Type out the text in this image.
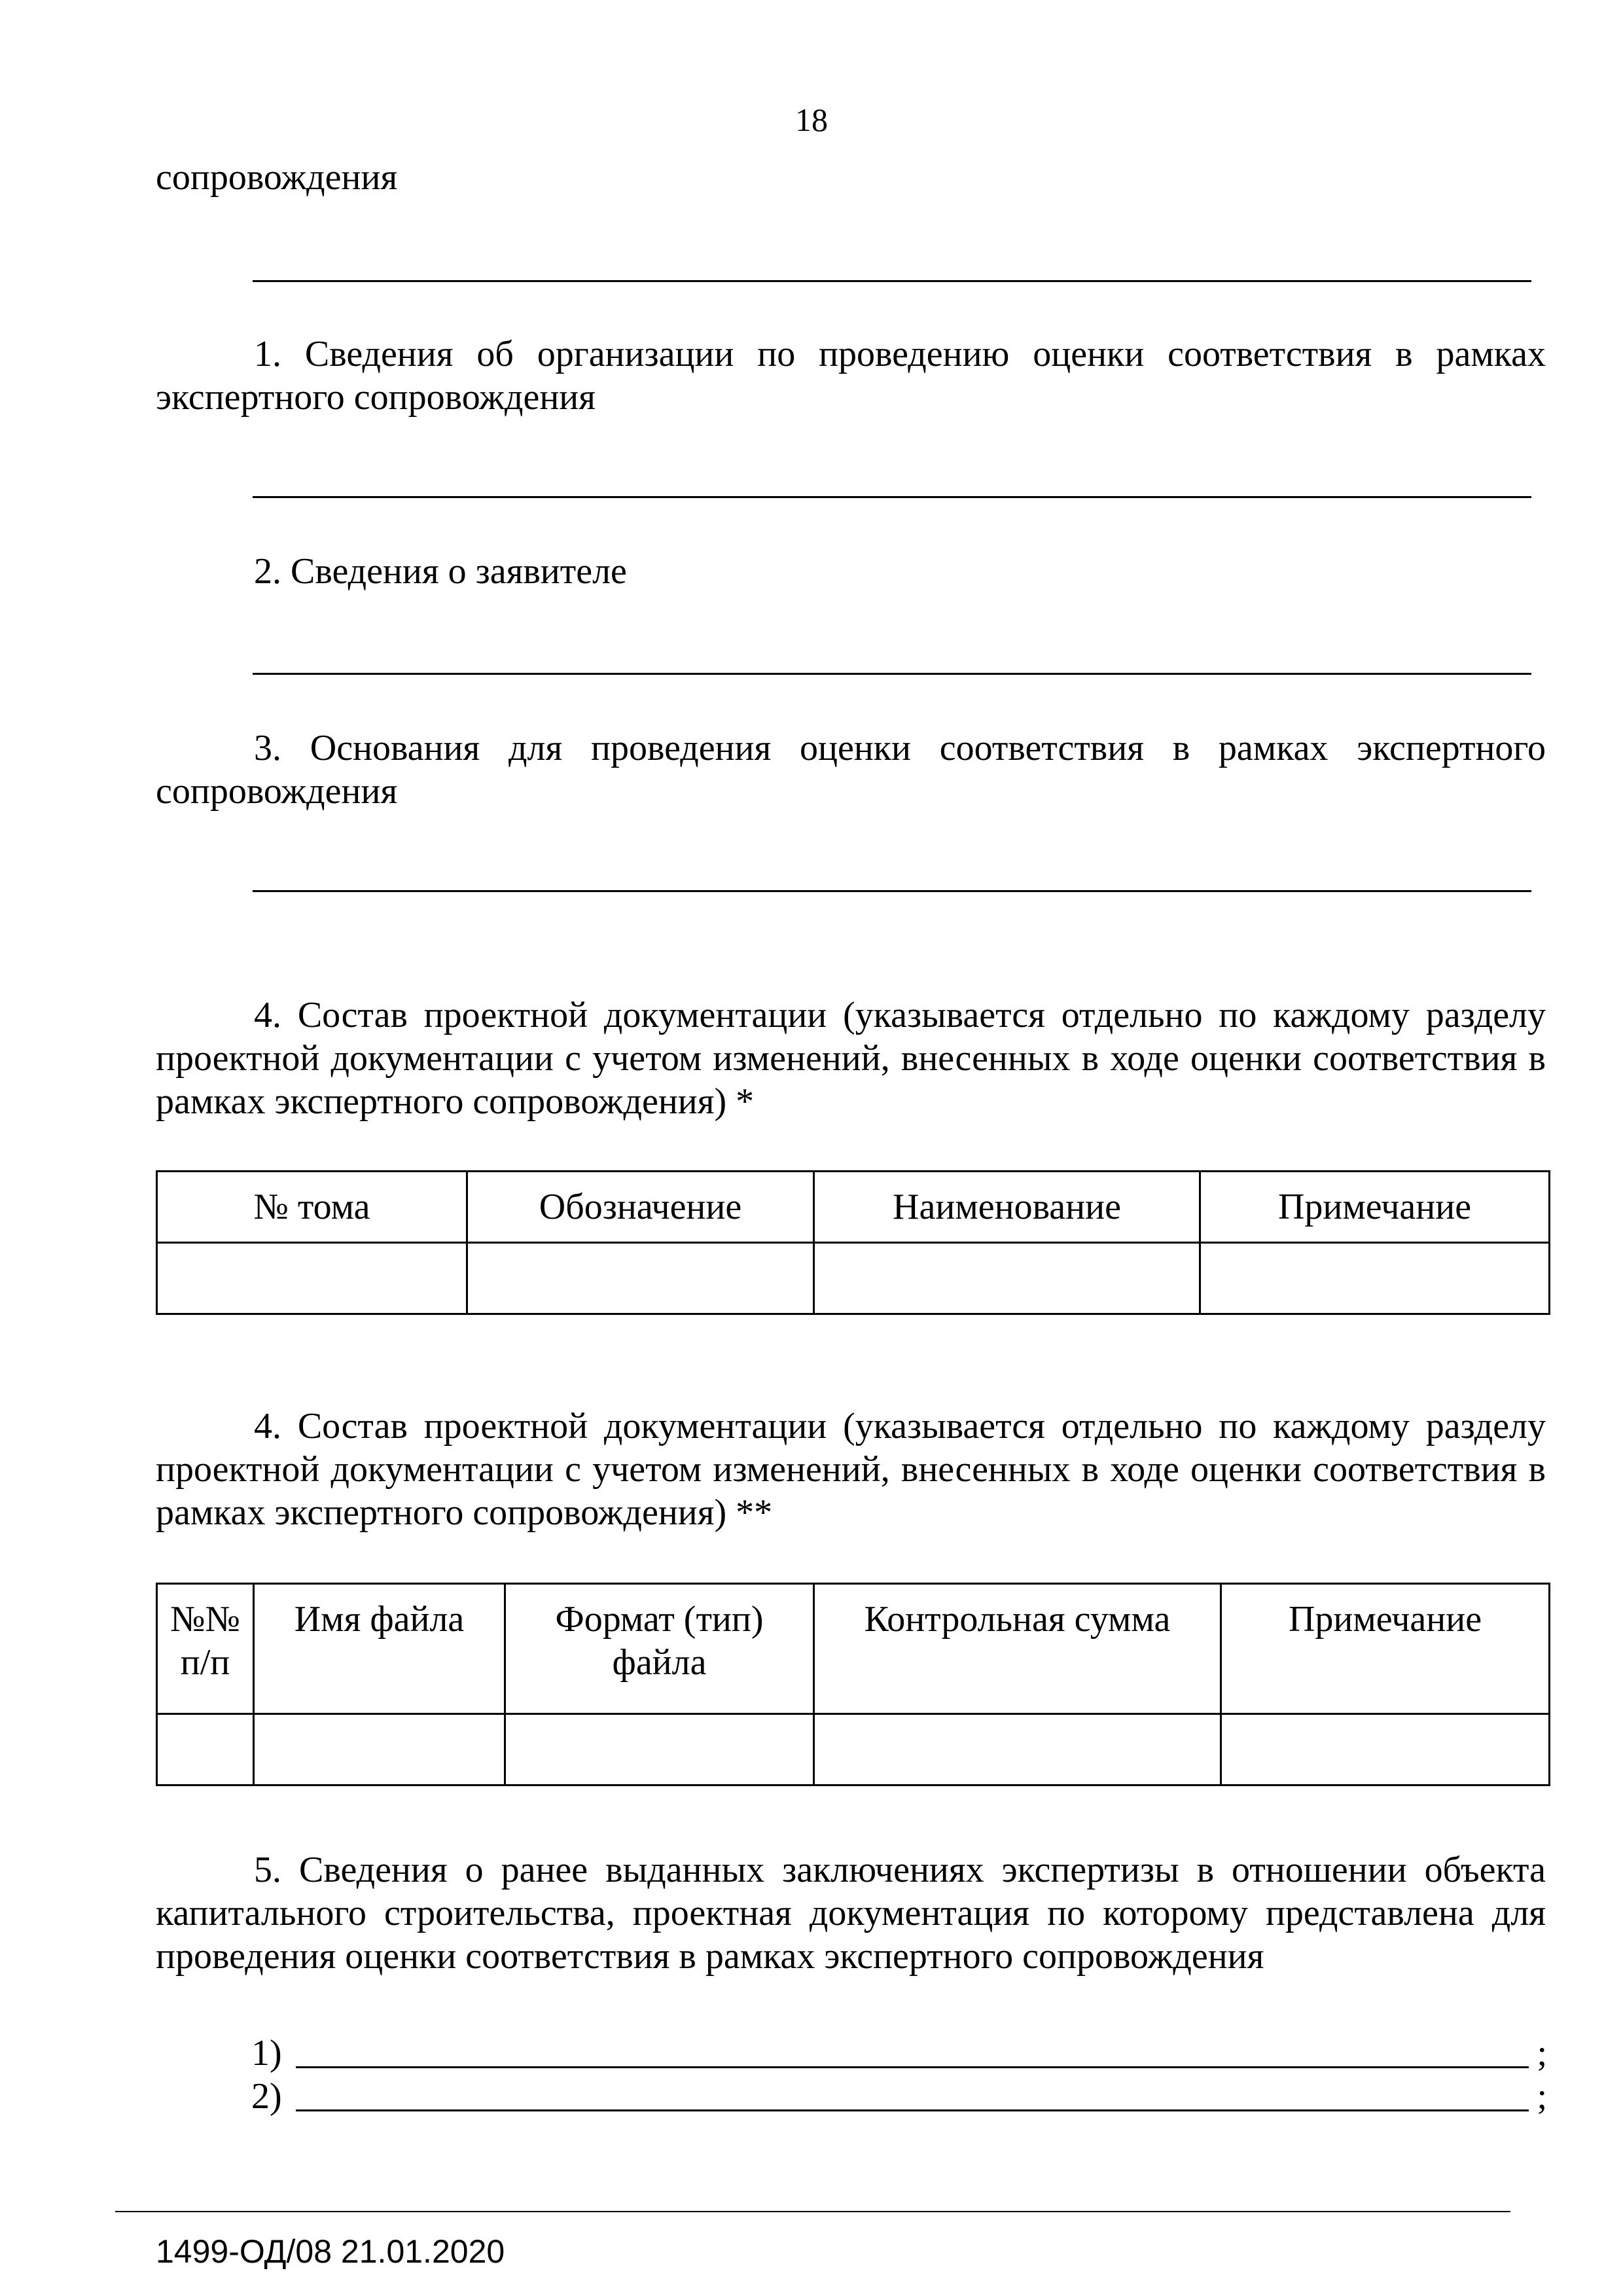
18
сопровождения
1. Сведения об организации по проведению оценки соответствия в рамках экспертного сопровождения
2. Сведения о заявителе
3. Основания для проведения оценки соответствия в рамках экспертного сопровождения
4. Состав проектной документации (указывается отдельно по каждому разделу проектной документации с учетом изменений, внесенных в ходе оценки соответствия в рамках экспертного сопровождения) *
№ тома	Обозначение	Наименование	Примечание

4. Состав проектной документации (указывается отдельно по каждому разделу проектной документации с учетом изменений, внесенных в ходе оценки соответствия в рамках экспертного сопровождения) **
№№ п/п	Имя файла	Формат (тип) файла	Контрольная сумма	Примечание

5. Сведения о ранее выданных заключениях экспертизы в отношении объекта капитального строительства, проектная документация по которому представлена для проведения оценки соответствия в рамках экспертного сопровождения
1)	;
2)	;
1499-ОД/08 21.01.2020
